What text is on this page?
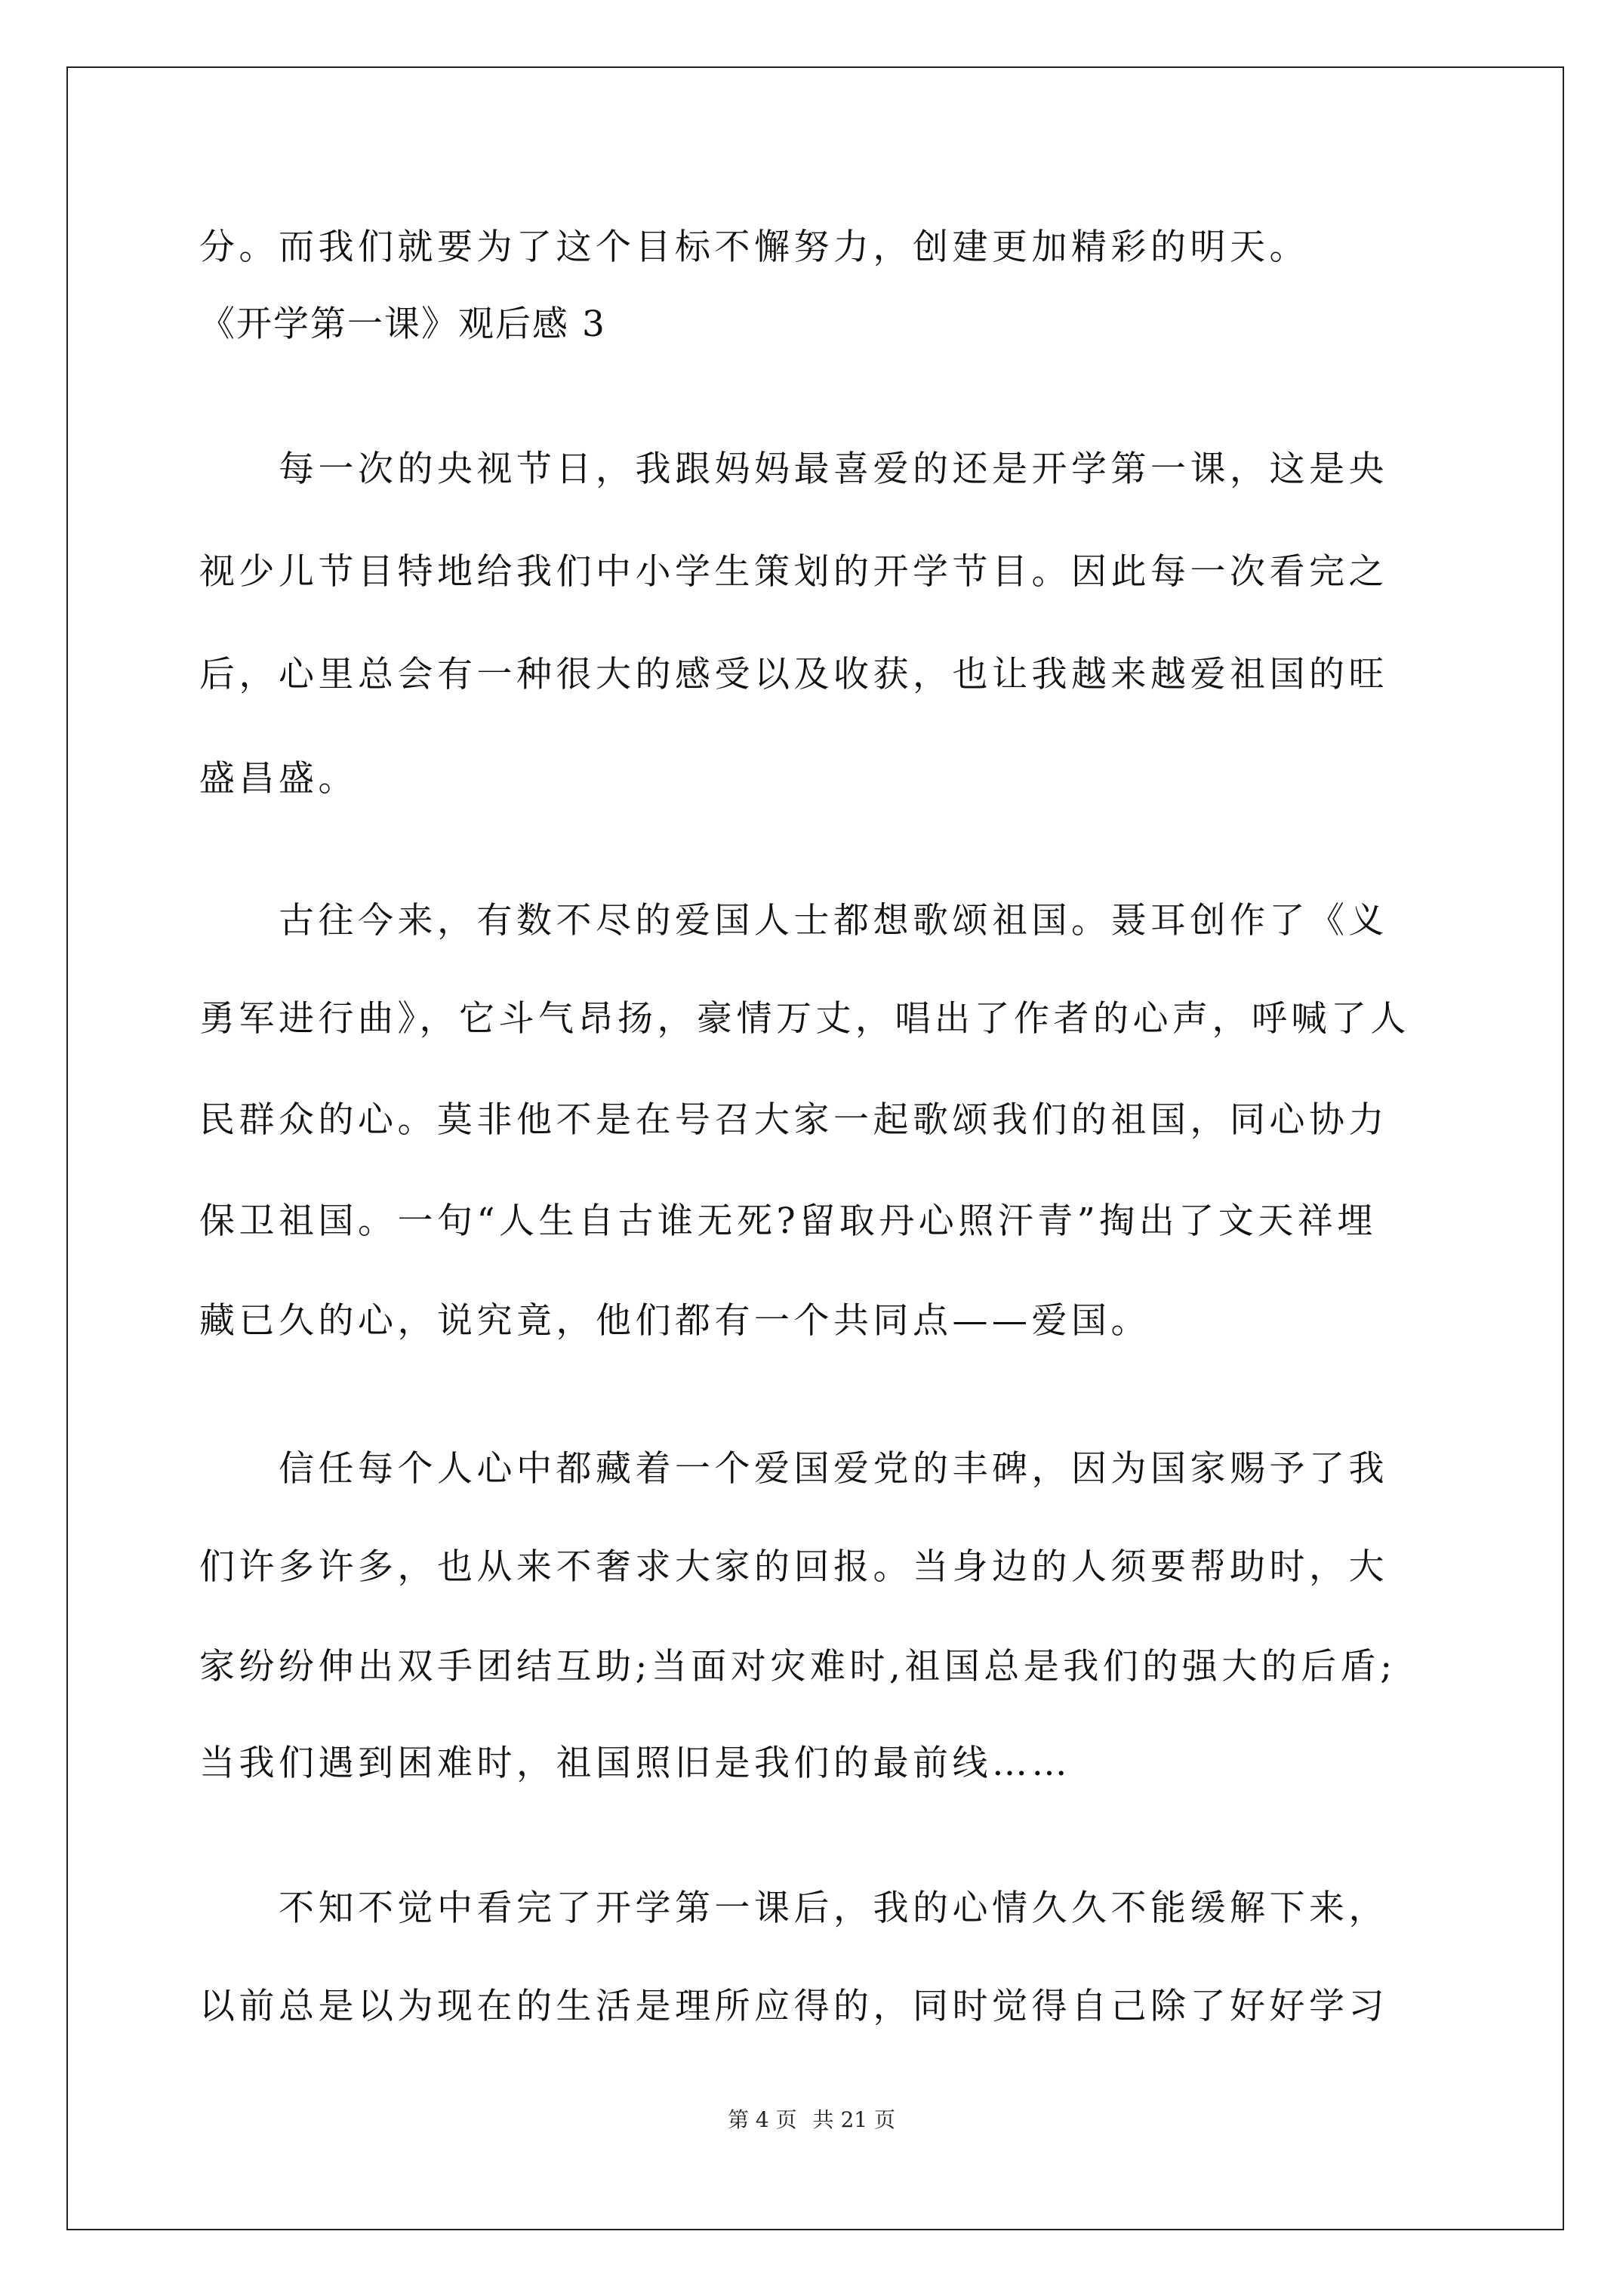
分。而我们就要为了这个目标不懈努力，创建更加精彩的明天。
《开学第一课》观后感 3
　　每一次的央视节日，我跟妈妈最喜爱的还是开学第一课，这是央
视少儿节目特地给我们中小学生策划的开学节目。因此每一次看完之
后，心里总会有一种很大的感受以及收获，也让我越来越爱祖国的旺
盛昌盛。
　　古往今来，有数不尽的爱国人士都想歌颂祖国。聂耳创作了《义
勇军进行曲》，它斗气昂扬，豪情万丈，唱出了作者的心声，呼喊了人
民群众的心。莫非他不是在号召大家一起歌颂我们的祖国，同心协力
保卫祖国。一句“人生自古谁无死?留取丹心照汗青”掏出了文天祥埋
藏已久的心，说究竟，他们都有一个共同点——爱国。
　　信任每个人心中都藏着一个爱国爱党的丰碑，因为国家赐予了我
们许多许多，也从来不奢求大家的回报。当身边的人须要帮助时，大
家纷纷伸出双手团结互助;当面对灾难时,祖国总是我们的强大的后盾;
当我们遇到困难时，祖国照旧是我们的最前线……
　　不知不觉中看完了开学第一课后，我的心情久久不能缓解下来，
以前总是以为现在的生活是理所应得的，同时觉得自己除了好好学习
第 4 页 共 21 页
